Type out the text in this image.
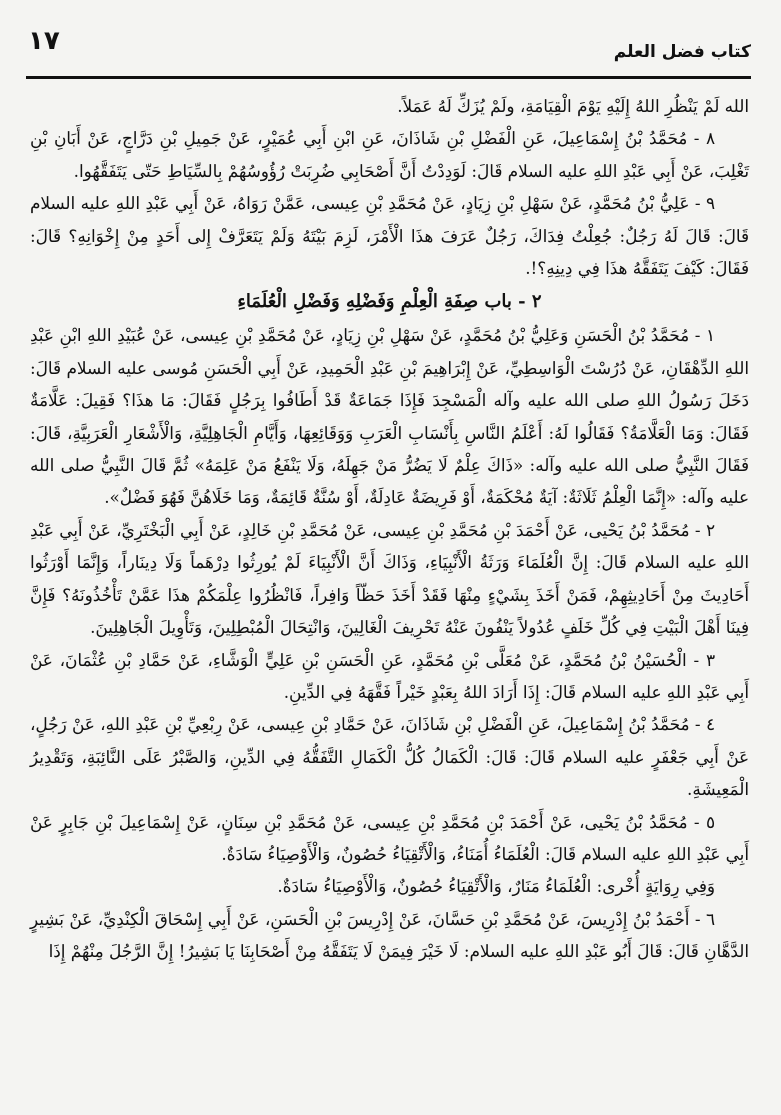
١٧	كتاب فضل العلم

الله لَمْ يَنْظُرِ اللهُ إِلَيْهِ يَوْمَ الْقِيَامَةِ، ولَمْ يُزَكِّ لَهُ عَمَلاً.

٨ - مُحَمَّدُ بْنُ إِسْمَاعِيلَ، عَنِ الْفَضْلِ بْنِ شَاذَانَ، عَنِ ابْنِ أَبِي عُمَيْرٍ، عَنْ جَمِيلِ بْنِ دَرَّاجٍ، عَنْ أَبَانِ بْنِ تَغْلِبَ، عَنْ أَبِي عَبْدِ اللهِ عليه السلام قَالَ: لَوَدِدْتُ أَنَّ أَصْحَابِي ضُرِبَتْ رُؤُوسُهُمْ بِالسِّيَاطِ حَتّى يَتَفَقَّهُوا.

٩ - عَلِيُّ بْنُ مُحَمَّدٍ، عَنْ سَهْلِ بْنِ زِيَادٍ، عَنْ مُحَمَّدِ بْنِ عِيسى، عَمَّنْ رَوَاهُ، عَنْ أَبِي عَبْدِ اللهِ عليه السلام قَالَ: قَالَ لَهُ رَجُلٌ: جُعِلْتُ فِدَاكَ، رَجُلٌ عَرَفَ هذَا الْأَمْرَ، لَزِمَ بَيْتَهُ وَلَمْ يَتَعَرَّفْ إِلى أَحَدٍ مِنْ إِخْوَانِهِ؟ قَالَ: فَقَالَ: كَيْفَ يَتَفَقَّهُ هذَا فِي دِينِهِ؟!.

٢ - باب صِفَةِ الْعِلْمِ وَفَضْلِهِ وَفَضْلِ الْعُلَمَاءِ

١ - مُحَمَّدُ بْنُ الْحَسَنِ وَعَلِيُّ بْنُ مُحَمَّدٍ، عَنْ سَهْلِ بْنِ زِيَادٍ، عَنْ مُحَمَّدِ بْنِ عِيسى، عَنْ عُبَيْدِ اللهِ ابْنِ عَبْدِ اللهِ الدِّهْقَانِ، عَنْ دُرُسْتَ الْوَاسِطِيِّ، عَنْ إِبْرَاهِيمَ بْنِ عَبْدِ الْحَمِيدِ، عَنْ أَبِي الْحَسَنِ مُوسى عليه السلام قَالَ: دَخَلَ رَسُولُ اللهِ صلى الله عليه وآله الْمَسْجِدَ فَإِذَا جَمَاعَةٌ قَدْ أَطَافُوا بِرَجُلٍ فَقَالَ: مَا هذَا؟ فَقِيلَ: عَلَّامَةٌ فَقَالَ: وَمَا الْعَلَّامَةُ؟ فَقَالُوا لَهُ: أَعْلَمُ النَّاسِ بِأَنْسَابِ الْعَرَبِ وَوَقَائِعِهَا، وَأَيَّامِ الْجَاهِلِيَّةِ، وَالْأَشْعَارِ الْعَرَبِيَّةِ، قَالَ: فَقَالَ النَّبِيُّ صلى الله عليه وآله: «ذَاكَ عِلْمٌ لَا يَضُرُّ مَنْ جَهِلَهُ، وَلَا يَنْفَعُ مَنْ عَلِمَهُ» ثُمَّ قَالَ النَّبِيُّ صلى الله عليه وآله: «إِنَّمَا الْعِلْمُ ثَلَاثَةٌ: آيَةٌ مُحْكَمَةٌ، أَوْ فَرِيضَةٌ عَادِلَةٌ، أَوْ سُنَّةٌ قَائِمَةٌ، وَمَا خَلَاهُنَّ فَهُوَ فَضْلٌ».

٢ - مُحَمَّدُ بْنُ يَحْيى، عَنْ أَحْمَدَ بْنِ مُحَمَّدِ بْنِ عِيسى، عَنْ مُحَمَّدِ بْنِ خَالِدٍ، عَنْ أَبِي الْبَخْتَرِيِّ، عَنْ أَبِي عَبْدِ اللهِ عليه السلام قَالَ: إِنَّ الْعُلَمَاءَ وَرَثَةُ الْأَنْبِيَاءِ، وَذَاكَ أَنَّ الْأَنْبِيَاءَ لَمْ يُورِثُوا دِرْهَماً وَلَا دِينَاراً، وَإِنَّمَا أَوْرَثُوا أَحَادِيثَ مِنْ أَحَادِيثِهِمْ، فَمَنْ أَخَذَ بِشَيْءٍ مِنْهَا فَقَدْ أَخَذَ حَظّاً وَافِراً، فَانْظُرُوا عِلْمَكُمْ هذَا عَمَّنْ تَأْخُذُونَهُ؟ فَإِنَّ فِينَا أَهْلَ الْبَيْتِ فِي كُلِّ خَلَفٍ عُدُولاً يَنْفُونَ عَنْهُ تَحْرِيفَ الْغَالِينَ، وَانْتِحَالَ الْمُبْطِلِينَ، وَتَأْوِيلَ الْجَاهِلِينَ.

٣ - الْحُسَيْنُ بْنُ مُحَمَّدٍ، عَنْ مُعَلَّى بْنِ مُحَمَّدٍ، عَنِ الْحَسَنِ بْنِ عَلِيٍّ الْوَشَّاءِ، عَنْ حَمَّادِ بْنِ عُثْمَانَ، عَنْ أَبِي عَبْدِ اللهِ عليه السلام قَالَ: إِذَا أَرَادَ اللهُ بِعَبْدٍ خَيْراً فَقَّهَهُ فِي الدِّينِ.

٤ - مُحَمَّدُ بْنُ إِسْمَاعِيلَ، عَنِ الْفَضْلِ بْنِ شَاذَانَ، عَنْ حَمَّادِ بْنِ عِيسى، عَنْ رِبْعِيِّ بْنِ عَبْدِ اللهِ، عَنْ رَجُلٍ، عَنْ أَبِي جَعْفَرٍ عليه السلام قَالَ: قَالَ: الْكَمَالُ كُلُّ الْكَمَالِ التَّفَقُّهُ فِي الدِّينِ، وَالصَّبْرُ عَلَى النَّائِبَةِ، وَتَقْدِيرُ الْمَعِيشَةِ.

٥ - مُحَمَّدُ بْنُ يَحْيى، عَنْ أَحْمَدَ بْنِ مُحَمَّدِ بْنِ عِيسى، عَنْ مُحَمَّدِ بْنِ سِنَانٍ، عَنْ إِسْمَاعِيلَ بْنِ جَابِرٍ عَنْ أَبِي عَبْدِ اللهِ عليه السلام قَالَ: الْعُلَمَاءُ أُمَنَاءُ، وَالْأَتْقِيَاءُ حُصُونٌ، وَالْأَوْصِيَاءُ سَادَةٌ.

وَفِي رِوَايَةٍ أُخْرى: الْعُلَمَاءُ مَنَارٌ، وَالْأَتْقِيَاءُ حُصُونٌ، وَالْأَوْصِيَاءُ سَادَةٌ.

٦ - أَحْمَدُ بْنُ إِدْرِيسَ، عَنْ مُحَمَّدِ بْنِ حَسَّانَ، عَنْ إِدْرِيسَ بْنِ الْحَسَنِ، عَنْ أَبِي إِسْحَاقَ الْكِنْدِيِّ، عَنْ بَشِيرٍ الدَّهَّانِ قَالَ: قَالَ أَبُو عَبْدِ اللهِ عليه السلام: لَا خَيْرَ فِيمَنْ لَا يَتَفَقَّهُ مِنْ أَصْحَابِنَا يَا بَشِيرُ! إِنَّ الرَّجُلَ مِنْهُمْ إِذَا
